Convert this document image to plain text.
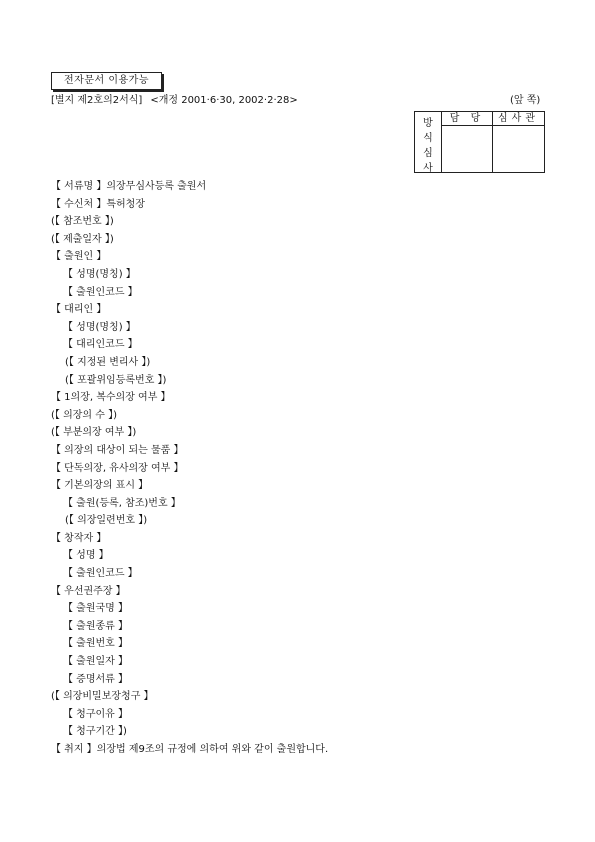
전자문서 이용가능
[별지 제2호의2서식] <개정 2001·6·30, 2002·2·28>	(앞 쪽)
방
식
심
사
담 당	심사관
【 서류명 】의장무심사등록 출원서
【 수신처 】특허청장
(【 참조번호 】)
(【 제출일자 】)
【 출원인 】
【 성명(명칭) 】
【 출원인코드 】
【 대리인 】
【 성명(명칭) 】
【 대리인코드 】
(【 지정된 변리사 】)
(【 포괄위임등록번호 】)
【 1의장, 복수의장 여부 】
(【 의장의 수 】)
(【 부분의장 여부 】)
【 의장의 대상이 되는 물품 】
【 단독의장, 유사의장 여부 】
【 기본의장의 표시 】
【 출원(등록, 참조)번호 】
(【 의장일련번호 】)
【 창작자 】
【 성명 】
【 출원인코드 】
【 우선권주장 】
【 출원국명 】
【 출원종류 】
【 출원번호 】
【 출원일자 】
【 증명서류 】
(【 의장비밀보장청구 】
【 청구이유 】
【 청구기간 】)
【 취지 】의장법 제9조의 규정에 의하여 위와 같이 출원합니다.
